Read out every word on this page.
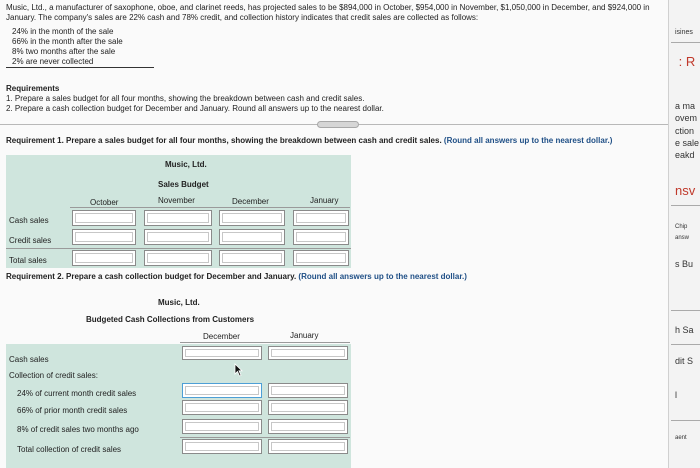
Music, Ltd., a manufacturer of saxophone, oboe, and clarinet reeds, has projected sales to be $894,000 in October, $954,000 in November, $1,050,000 in December, and $924,000 in January. The company's sales are 22% cash and 78% credit, and collection history indicates that credit sales are collected as follows:
24% in the month of the sale
66% in the month after the sale
8% two months after the sale
2% are never collected
Requirements
1. Prepare a sales budget for all four months, showing the breakdown between cash and credit sales.
2. Prepare a cash collection budget for December and January. Round all answers up to the nearest dollar.
Requirement 1. Prepare a sales budget for all four months, showing the breakdown between cash and credit sales. (Round all answers up to the nearest dollar.)
Music, Ltd.
Sales Budget
October	November	December	January
Cash sales
Credit sales
Total sales
Requirement 2. Prepare a cash collection budget for December and January. (Round all answers up to the nearest dollar.)
Music, Ltd.
Budgeted Cash Collections from Customers
December	January
Cash sales
Collection of credit sales:
24% of current month credit sales
66% of prior month credit sales
8% of credit sales two months ago
Total collection of credit sales
isines
: R
a ma
ovem
ction
e sale
eakd
nsv
Chip
answ
s Bu
h Sa
dit S
l
aent
